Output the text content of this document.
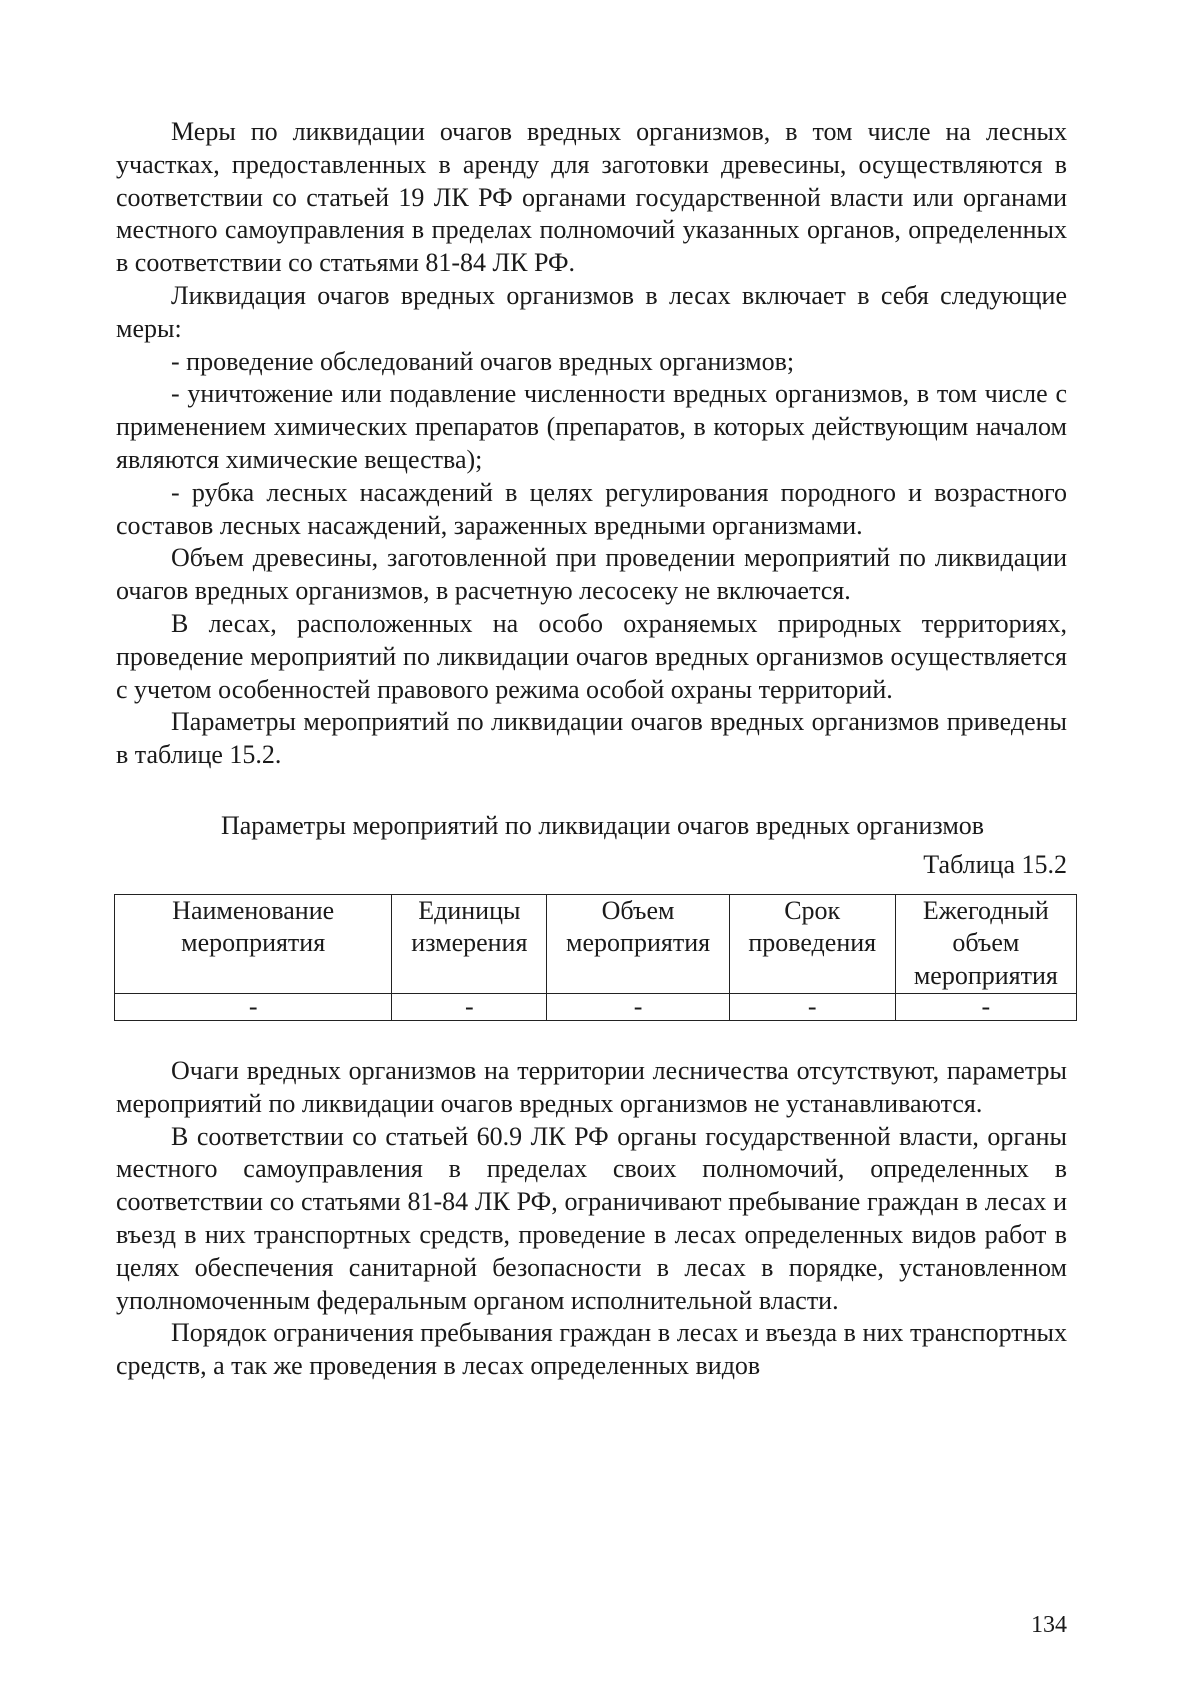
Меры по ликвидации очагов вредных организмов, в том числе на лесных участках, предоставленных в аренду для заготовки древесины, осуществляются в соответствии со статьей 19 ЛК РФ органами государственной власти или органами местного самоуправления в пределах полномочий указанных органов, определенных в соответствии со статьями 81-84 ЛК РФ.

Ликвидация очагов вредных организмов в лесах включает в себя следующие меры:

- проведение обследований очагов вредных организмов;

- уничтожение или подавление численности вредных организмов, в том числе с применением химических препаратов (препаратов, в которых действующим началом являются химические вещества);

- рубка лесных насаждений в целях регулирования породного и возрастного составов лесных насаждений, зараженных вредными организмами.

Объем древесины, заготовленной при проведении мероприятий по ликвидации очагов вредных организмов, в расчетную лесосеку не включается.

В лесах, расположенных на особо охраняемых природных территориях, проведение мероприятий по ликвидации очагов вредных организмов осуществляется с учетом особенностей правового режима особой охраны территорий.

Параметры мероприятий по ликвидации очагов вредных организмов приведены в таблице 15.2.

Параметры мероприятий по ликвидации очагов вредных организмов

Таблица 15.2

Наименование мероприятия	Единицы измерения	Объем мероприятия	Срок проведения	Ежегодный объем мероприятия
-	-	-	-	-

Очаги вредных организмов на территории лесничества отсутствуют, параметры мероприятий по ликвидации очагов вредных организмов не устанавливаются.

В соответствии со статьей 60.9 ЛК РФ органы государственной власти, органы местного самоуправления в пределах своих полномочий, определенных в соответствии со статьями 81-84 ЛК РФ, ограничивают пребывание граждан в лесах и въезд в них транспортных средств, проведение в лесах определенных видов работ в целях обеспечения санитарной безопасности в лесах в порядке, установленном уполномоченным федеральным органом исполнительной власти.

Порядок ограничения пребывания граждан в лесах и въезда в них транспортных средств, а так же проведения в лесах определенных видов

134
